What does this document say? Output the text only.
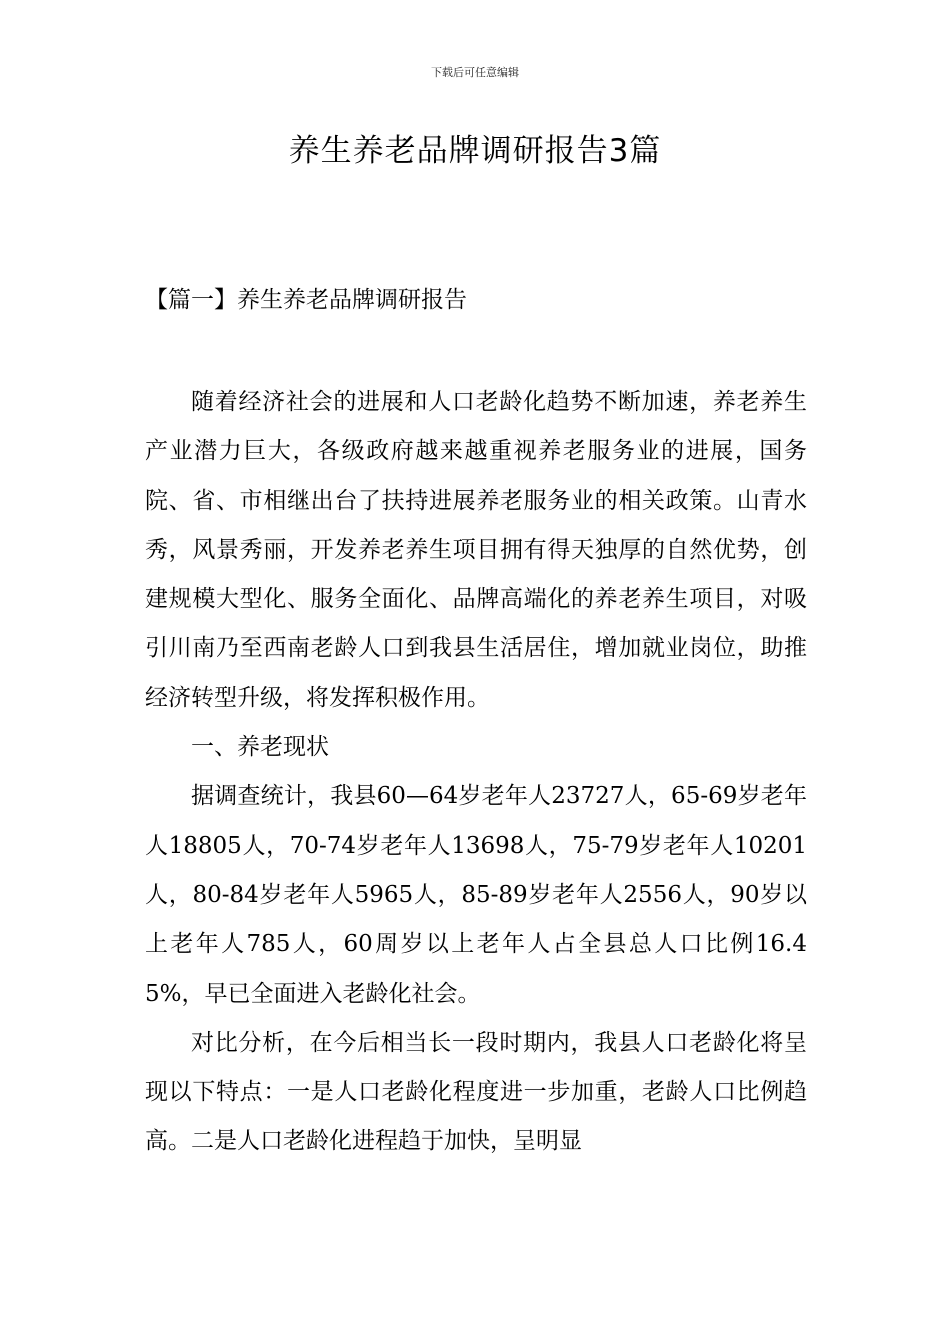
下载后可任意编辑
养生养老品牌调研报告3篇
【篇一】养生养老品牌调研报告

随着经济社会的进展和人口老龄化趋势不断加速，养老养生产业潜力巨大，各级政府越来越重视养老服务业的进展，国务院、省、市相继出台了扶持进展养老服务业的相关政策。山青水秀，风景秀丽，开发养老养生项目拥有得天独厚的自然优势，创建规模大型化、服务全面化、品牌高端化的养老养生项目，对吸引川南乃至西南老龄人口到我县生活居住，增加就业岗位，助推经济转型升级，将发挥积极作用。

一、养老现状

据调查统计，我县60—64岁老年人23727人，65-69岁老年人18805人，70-74岁老年人13698人，75-79岁老年人10201人，80-84岁老年人5965人，85-89岁老年人2556人，90岁以上老年人785人，60周岁以上老年人占全县总人口比例16.45%，早已全面进入老龄化社会。

对比分析，在今后相当长一段时期内，我县人口老龄化将呈现以下特点：一是人口老龄化程度进一步加重，老龄人口比例趋高。二是人口老龄化进程趋于加快，呈明显
